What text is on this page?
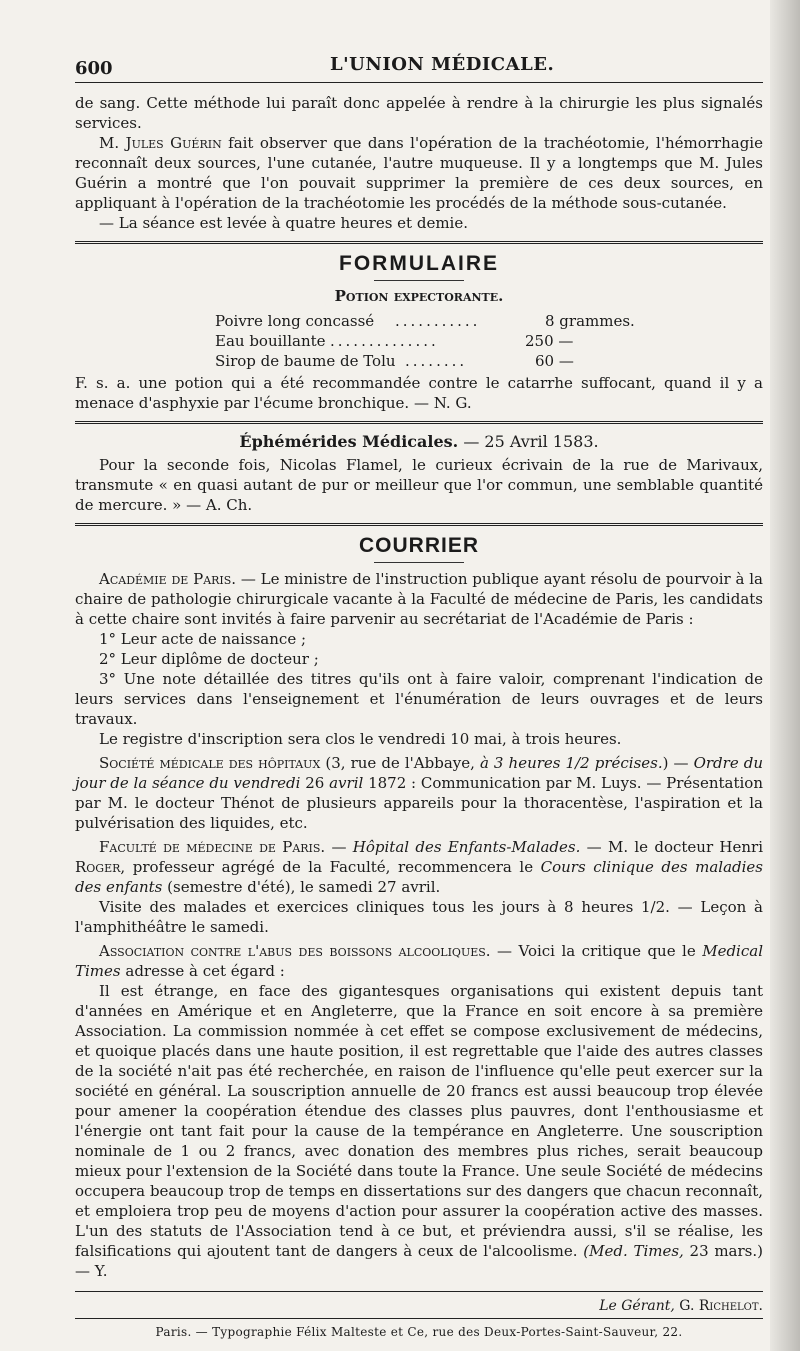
600	L'UNION MÉDICALE.

de sang. Cette méthode lui paraît donc appelée à rendre à la chirurgie les plus signalés services.

M. Jules Guérin fait observer que dans l'opération de la trachéotomie, l'hémorrhagie reconnaît deux sources, l'une cutanée, l'autre muqueuse. Il y a longtemps que M. Jules Guérin a montré que l'on pouvait supprimer la première de ces deux sources, en appliquant à l'opération de la trachéotomie les procédés de la méthode sous-cutanée.

— La séance est levée à quatre heures et demie.

FORMULAIRE
Potion expectorante.
Poivre long concassé ...........	8 grammes.
Eau bouillante ..............	250 —
Sirop de baume de Tolu ........	60 —

F. s. a. une potion qui a été recommandée contre le catarrhe suffocant, quand il y a menace d'asphyxie par l'écume bronchique. — N. G.

Éphémérides Médicales. — 25 Avril 1583.

Pour la seconde fois, Nicolas Flamel, le curieux écrivain de la rue de Marivaux, transmute « en quasi autant de pur or meilleur que l'or commun, une semblable quantité de mercure. » — A. Ch.

COURRIER

Académie de Paris. — Le ministre de l'instruction publique ayant résolu de pourvoir à la chaire de pathologie chirurgicale vacante à la Faculté de médecine de Paris, les candidats à cette chaire sont invités à faire parvenir au secrétariat de l'Académie de Paris :

1° Leur acte de naissance ;

2° Leur diplôme de docteur ;

3° Une note détaillée des titres qu'ils ont à faire valoir, comprenant l'indication de leurs services dans l'enseignement et l'énumération de leurs ouvrages et de leurs travaux.

Le registre d'inscription sera clos le vendredi 10 mai, à trois heures.

Société médicale des hôpitaux (3, rue de l'Abbaye, à 3 heures 1/2 précises.) — Ordre du jour de la séance du vendredi 26 avril 1872 : Communication par M. Luys. — Présentation par M. le docteur Thénot de plusieurs appareils pour la thoracentèse, l'aspiration et la pulvérisation des liquides, etc.

Faculté de médecine de Paris. — Hôpital des Enfants-Malades. — M. le docteur Henri Roger, professeur agrégé de la Faculté, recommencera le Cours clinique des maladies des enfants (semestre d'été), le samedi 27 avril.

Visite des malades et exercices cliniques tous les jours à 8 heures 1/2. — Leçon à l'amphithéâtre le samedi.

Association contre l'abus des boissons alcooliques. — Voici la critique que le Medical Times adresse à cet égard :

Il est étrange, en face des gigantesques organisations qui existent depuis tant d'années en Amérique et en Angleterre, que la France en soit encore à sa première Association. La commission nommée à cet effet se compose exclusivement de médecins, et quoique placés dans une haute position, il est regrettable que l'aide des autres classes de la société n'ait pas été recherchée, en raison de l'influence qu'elle peut exercer sur la société en général. La souscription annuelle de 20 francs est aussi beaucoup trop élevée pour amener la coopération étendue des classes plus pauvres, dont l'enthousiasme et l'énergie ont tant fait pour la cause de la tempérance en Angleterre. Une souscription nominale de 1 ou 2 francs, avec donation des membres plus riches, serait beaucoup mieux pour l'extension de la Société dans toute la France. Une seule Société de médecins occupera beaucoup trop de temps en dissertations sur des dangers que chacun reconnaît, et emploiera trop peu de moyens d'action pour assurer la coopération active des masses. L'un des statuts de l'Association tend à ce but, et préviendra aussi, s'il se réalise, les falsifications qui ajoutent tant de dangers à ceux de l'alcoolisme. (Med. Times, 23 mars.) — Y.

Le Gérant, G. Richelot.
Paris. — Typographie Félix Malteste et Ce, rue des Deux-Portes-Saint-Sauveur, 22.
